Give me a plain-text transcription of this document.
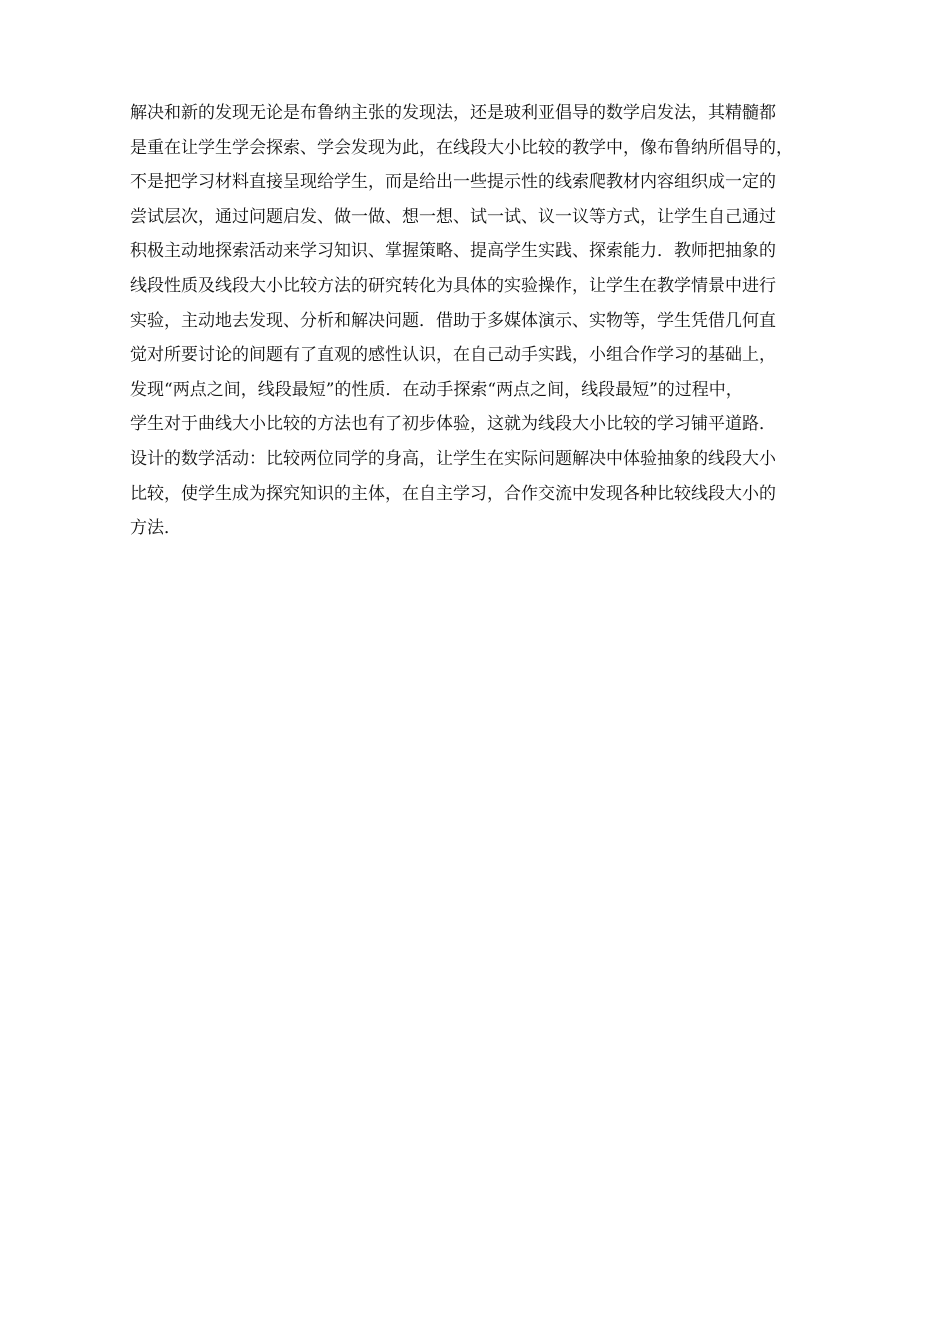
解决和新的发现无论是布鲁纳主张的发现法，还是玻利亚倡导的数学启发法，其精髓都
是重在让学生学会探索、学会发现为此，在线段大小比较的教学中，像布鲁纳所倡导的，
不是把学习材料直接呈现给学生，而是给出一些提示性的线索爬教材内容组织成一定的
尝试层次，通过问题启发、做一做、想一想、试一试、议一议等方式，让学生自己通过
积极主动地探索活动来学习知识、掌握策略、提高学生实践、探索能力．教师把抽象的
线段性质及线段大小比较方法的研究转化为具体的实验操作，让学生在教学情景中进行
实验，主动地去发现、分析和解决问题．借助于多媒体演示、实物等，学生凭借几何直
觉对所要讨论的间题有了直观的感性认识，在自己动手实践，小组合作学习的基础上，
发现“两点之间，线段最短”的性质．在动手探索“两点之间，线段最短”的过程中，
学生对于曲线大小比较的方法也有了初步体验，这就为线段大小比较的学习铺平道路．
设计的数学活动：比较两位同学的身高，让学生在实际问题解决中体验抽象的线段大小
比较，使学生成为探究知识的主体，在自主学习，合作交流中发现各种比较线段大小的
方法．
